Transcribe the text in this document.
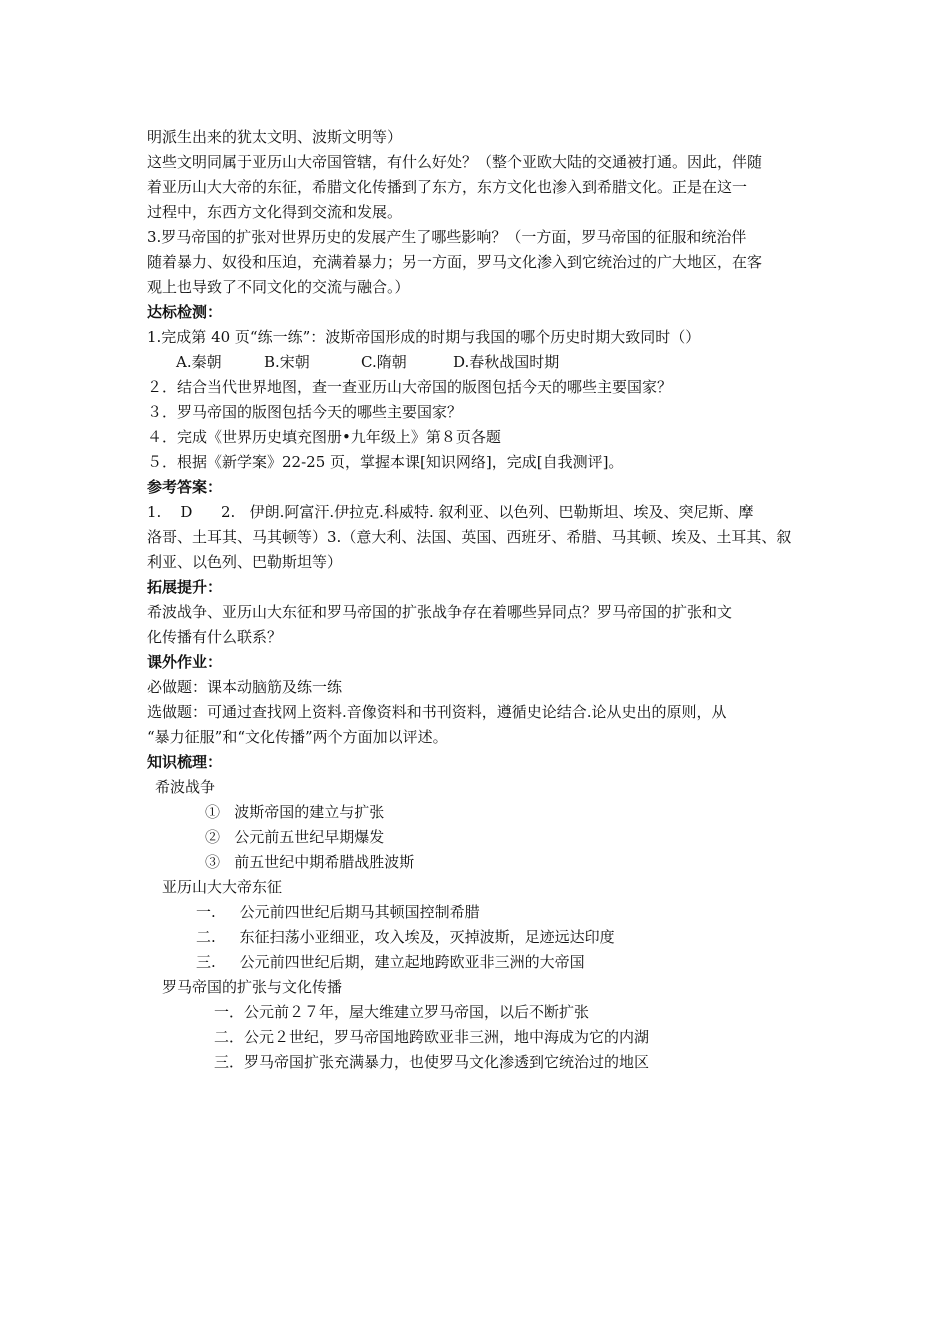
明派生出来的犹太文明、波斯文明等）
这些文明同属于亚历山大帝国管辖，有什么好处？（整个亚欧大陆的交通被打通。因此，伴随
着亚历山大大帝的东征，希腊文化传播到了东方，东方文化也渗入到希腊文化。正是在这一
过程中，东西方文化得到交流和发展。
3.罗马帝国的扩张对世界历史的发展产生了哪些影响？（一方面，罗马帝国的征服和统治伴
随着暴力、奴役和压迫，充满着暴力；另一方面，罗马文化渗入到它统治过的广大地区，在客
观上也导致了不同文化的交流与融合。）
达标检测：
1.完成第 40 页“练一练”：波斯帝国形成的时期与我国的哪个历史时期大致同时（）
A.秦朝	B.宋朝	C.隋朝	D.春秋战国时期
２．结合当代世界地图，查一查亚历山大帝国的版图包括今天的哪些主要国家？
３．罗马帝国的版图包括今天的哪些主要国家？
４．完成《世界历史填充图册•九年级上》第８页各题
５．根据《新学案》22-25 页，掌握本课[知识网络]，完成[自我测评]。
参考答案：
1.    D      2.   伊朗.阿富汗.伊拉克.科威特. 叙利亚、以色列、巴勒斯坦、埃及、突尼斯、摩
洛哥、土耳其、马其顿等）3.（意大利、法国、英国、西班牙、希腊、马其顿、埃及、土耳其、叙
利亚、以色列、巴勒斯坦等）
拓展提升：
希波战争、亚历山大东征和罗马帝国的扩张战争存在着哪些异同点？罗马帝国的扩张和文
化传播有什么联系？
课外作业：
必做题：课本动脑筋及练一练
选做题：可通过查找网上资料.音像资料和书刊资料，遵循史论结合.论从史出的原则，从
“暴力征服”和“文化传播”两个方面加以评述。
知识梳理：
希波战争
①   波斯帝国的建立与扩张
②   公元前五世纪早期爆发
③   前五世纪中期希腊战胜波斯
亚历山大大帝东征
一.     公元前四世纪后期马其顿国控制希腊
二.     东征扫荡小亚细亚，攻入埃及，灭掉波斯，足迹远达印度
三.     公元前四世纪后期，建立起地跨欧亚非三洲的大帝国
罗马帝国的扩张与文化传播
一．公元前２７年，屋大维建立罗马帝国，以后不断扩张
二．公元２世纪，罗马帝国地跨欧亚非三洲，地中海成为它的内湖
三．罗马帝国扩张充满暴力，也使罗马文化渗透到它统治过的地区
